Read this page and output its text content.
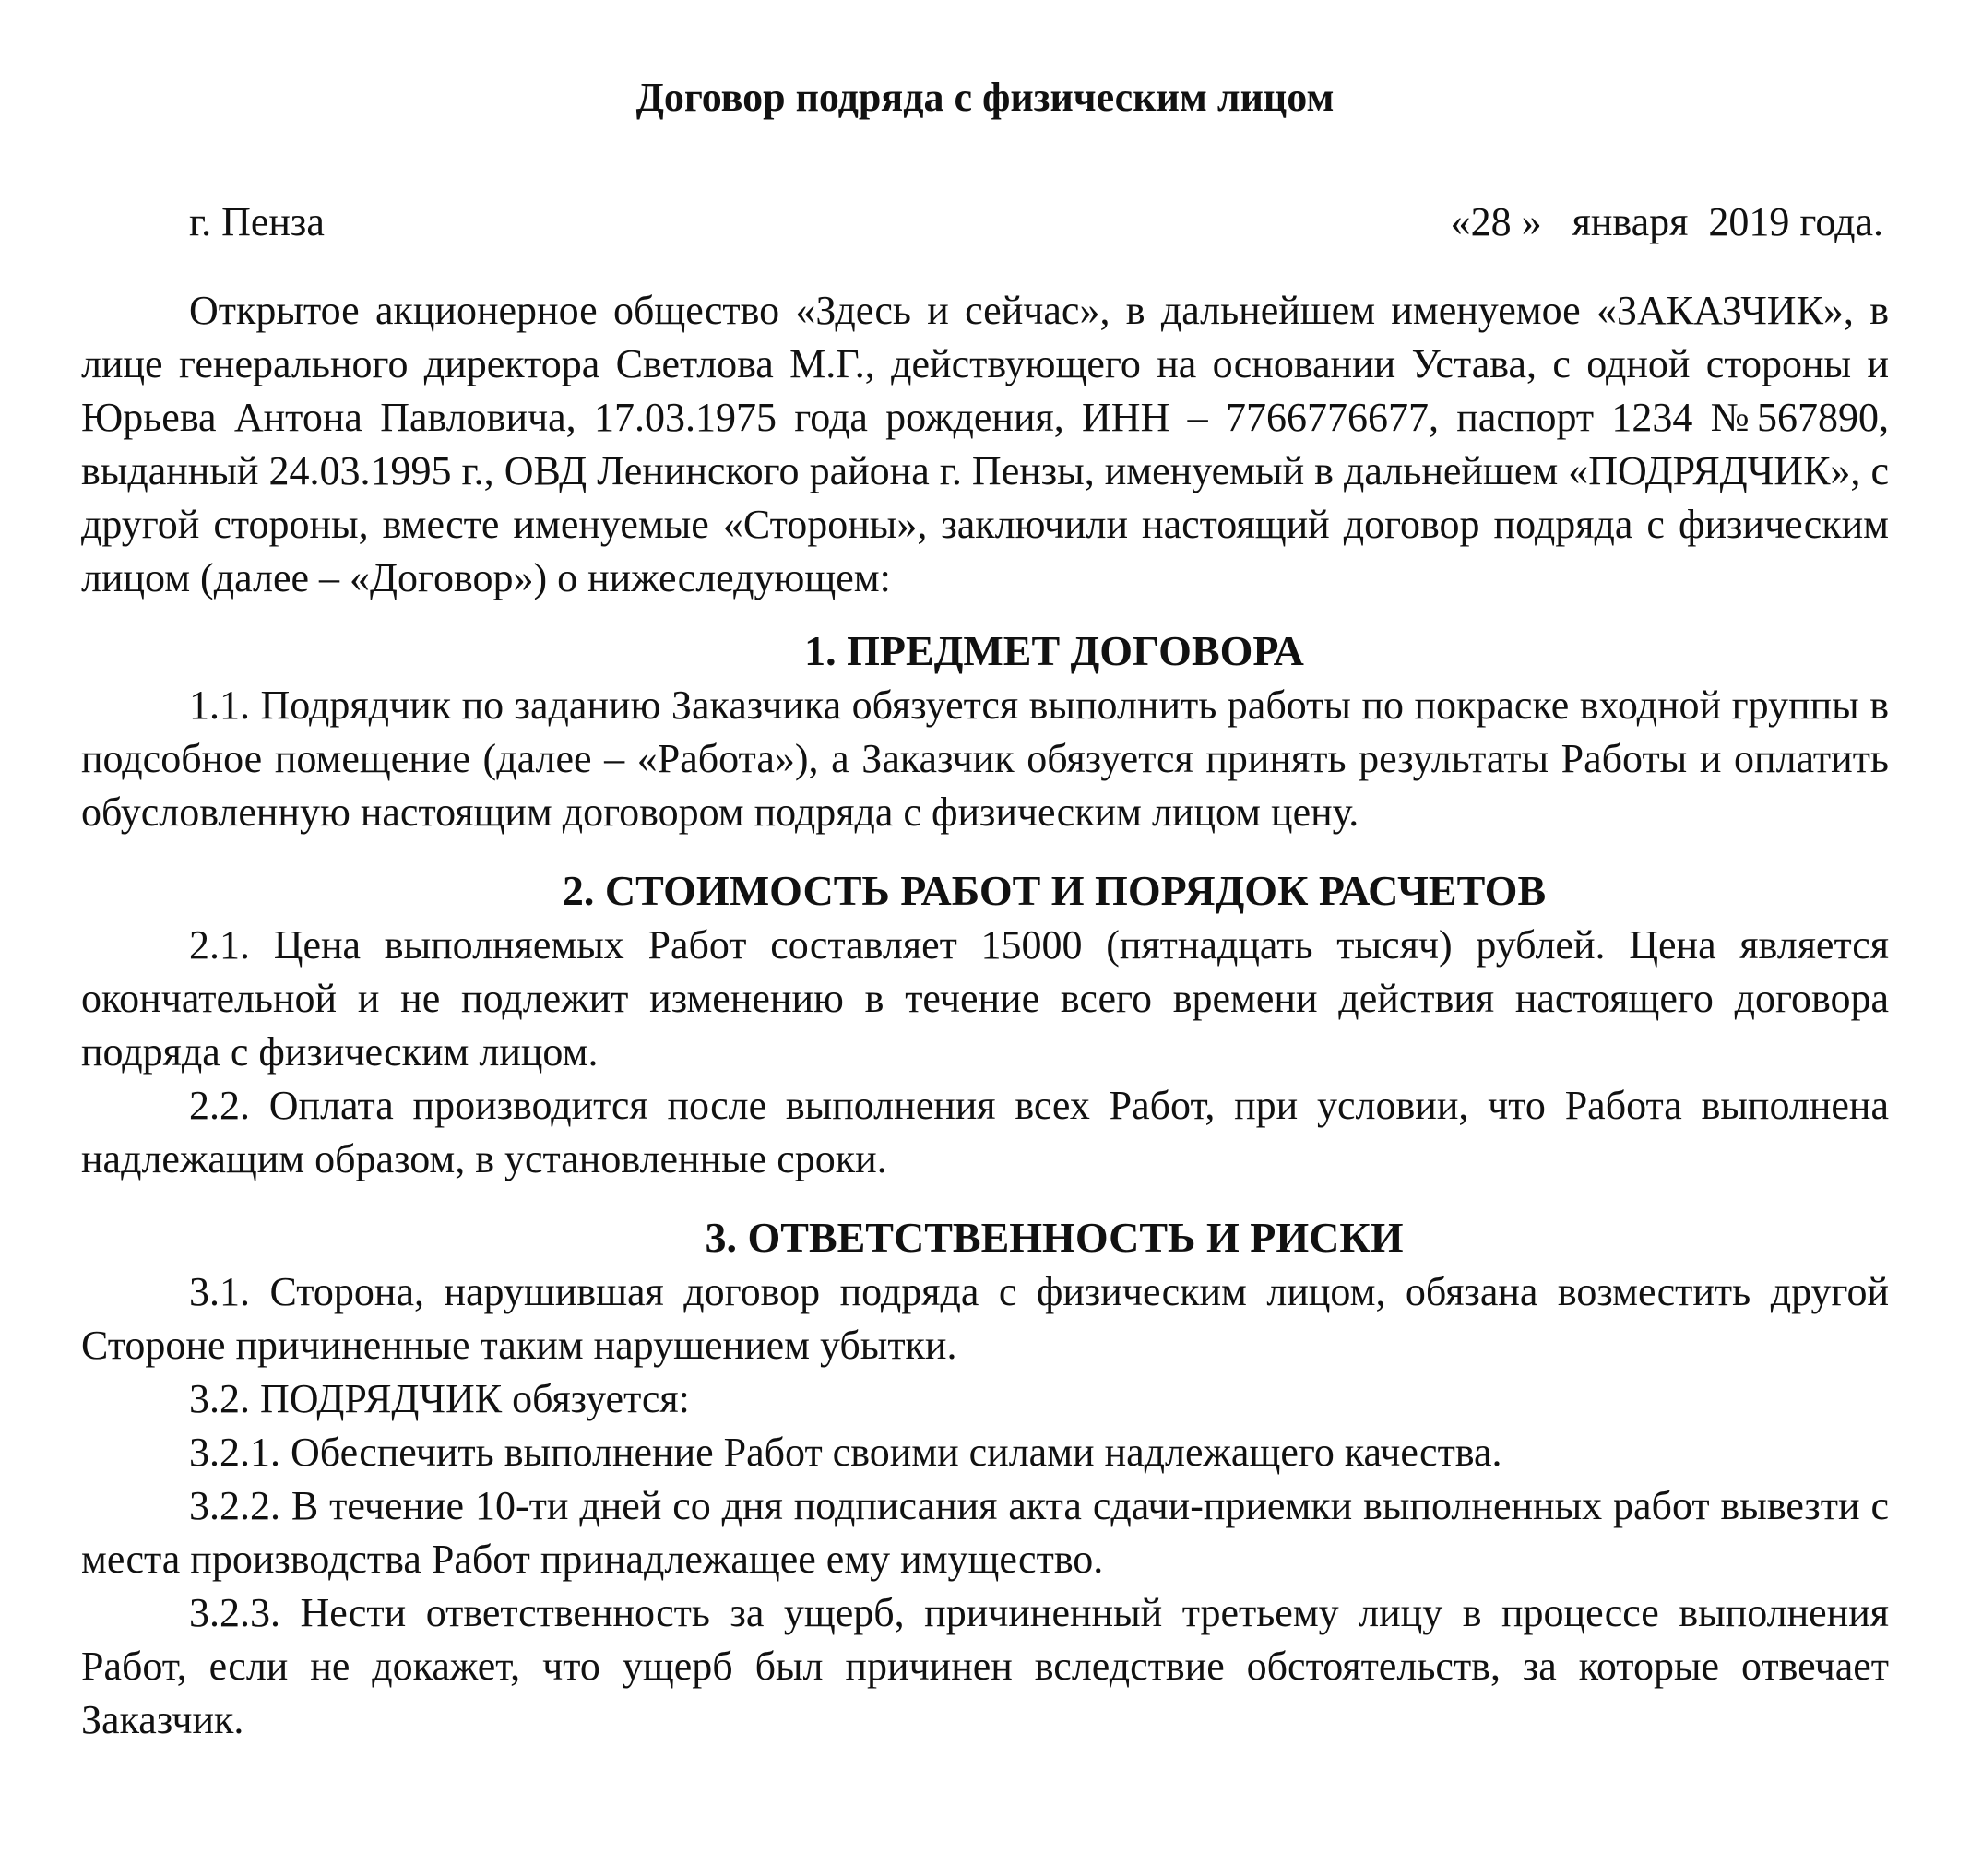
Договор подряда с физическим лицом
г. Пенза	«28 »   января  2019 года.

Открытое акционерное общество «Здесь и сейчас», в дальнейшем именуемое «ЗАКАЗЧИК», в лице генерального директора Светлова М.Г., действующего на основании Устава, с одной стороны и Юрьева Антона Павловича, 17.03.1975 года рождения, ИНН – 7766776677, паспорт 1234 №567890, выданный 24.03.1995 г., ОВД Ленинского района г. Пензы, именуемый в дальнейшем «ПОДРЯДЧИК», с другой стороны, вместе именуемые «Стороны», заключили настоящий договор подряда с физическим лицом (далее – «Договор») о нижеследующем:

1. ПРЕДМЕТ ДОГОВОРА

1.1. Подрядчик по заданию Заказчика обязуется выполнить работы по покраске входной группы в подсобное помещение (далее – «Работа»), а Заказчик обязуется принять результаты Работы и оплатить обусловленную настоящим договором подряда с физическим лицом цену.

2. СТОИМОСТЬ РАБОТ И ПОРЯДОК РАСЧЕТОВ

2.1. Цена выполняемых Работ составляет 15000 (пятнадцать тысяч) рублей. Цена является окончательной и не подлежит изменению в течение всего времени действия настоящего договора подряда с физическим лицом.

2.2. Оплата производится после выполнения всех Работ, при условии, что Работа выполнена надлежащим образом, в установленные сроки.

3. ОТВЕТСТВЕННОСТЬ И РИСКИ

3.1. Сторона, нарушившая договор подряда с физическим лицом, обязана возместить другой Стороне причиненные таким нарушением убытки.

3.2. ПОДРЯДЧИК обязуется:

3.2.1. Обеспечить выполнение Работ своими силами надлежащего качества.

3.2.2. В течение 10-ти дней со дня подписания акта сдачи-приемки выполненных работ вывезти с места производства Работ принадлежащее ему имущество.

3.2.3. Нести ответственность за ущерб, причиненный третьему лицу в процессе выполнения Работ, если не докажет, что ущерб был причинен вследствие обстоятельств, за которые отвечает Заказчик.
